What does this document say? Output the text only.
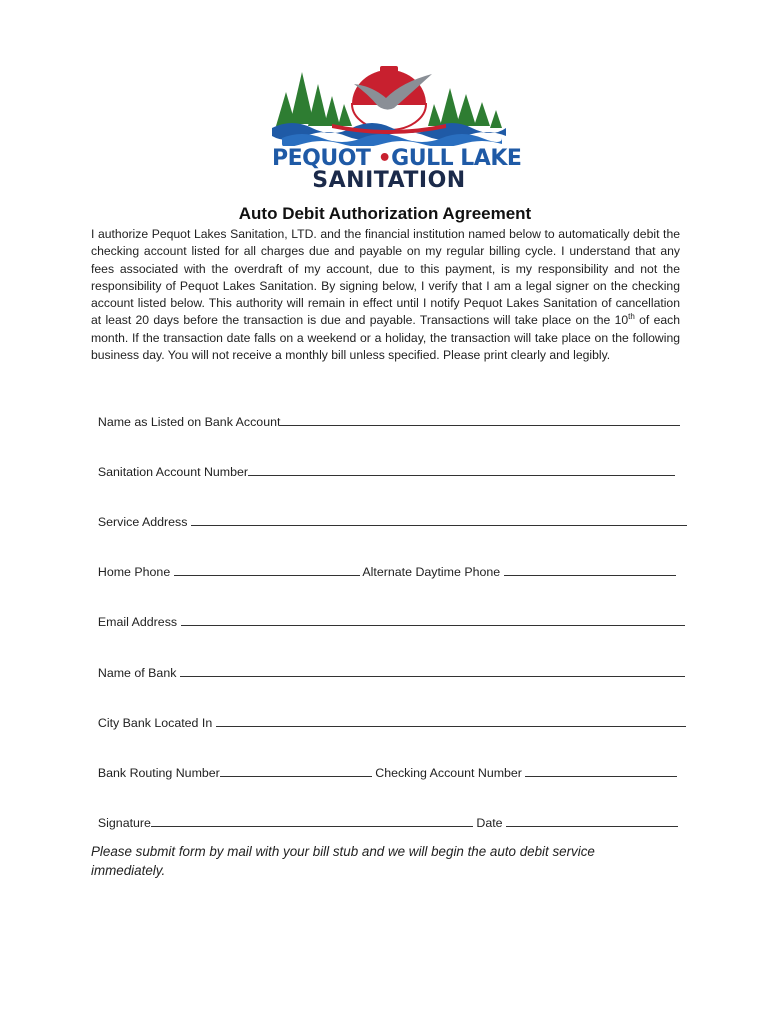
PEQUOT •GULL LAKE
SANITATION
Auto Debit Authorization Agreement

I authorize Pequot Lakes Sanitation, LTD. and the financial institution named below to automatically debit the checking account listed for all charges due and payable on my regular billing cycle. I understand that any fees associated with the overdraft of my account, due to this payment, is my responsibility and not the responsibility of Pequot Lakes Sanitation. By signing below, I verify that I am a legal signer on the checking account listed below. This authority will remain in effect until I notify Pequot Lakes Sanitation of cancellation at least 20 days before the transaction is due and payable. Transactions will take place on the 10th of each month. If the transaction date falls on a weekend or a holiday, the transaction will take place on the following business day. You will not receive a monthly bill unless specified. Please print clearly and legibly.

Name as Listed on Bank Account

Sanitation Account Number

Service Address

Home Phone	Alternate Daytime Phone

Email Address

Name of Bank

City Bank Located In

Bank Routing Number	Checking Account Number

Signature	Date

Please submit form by mail with your bill stub and we will begin the auto debit service immediately.
